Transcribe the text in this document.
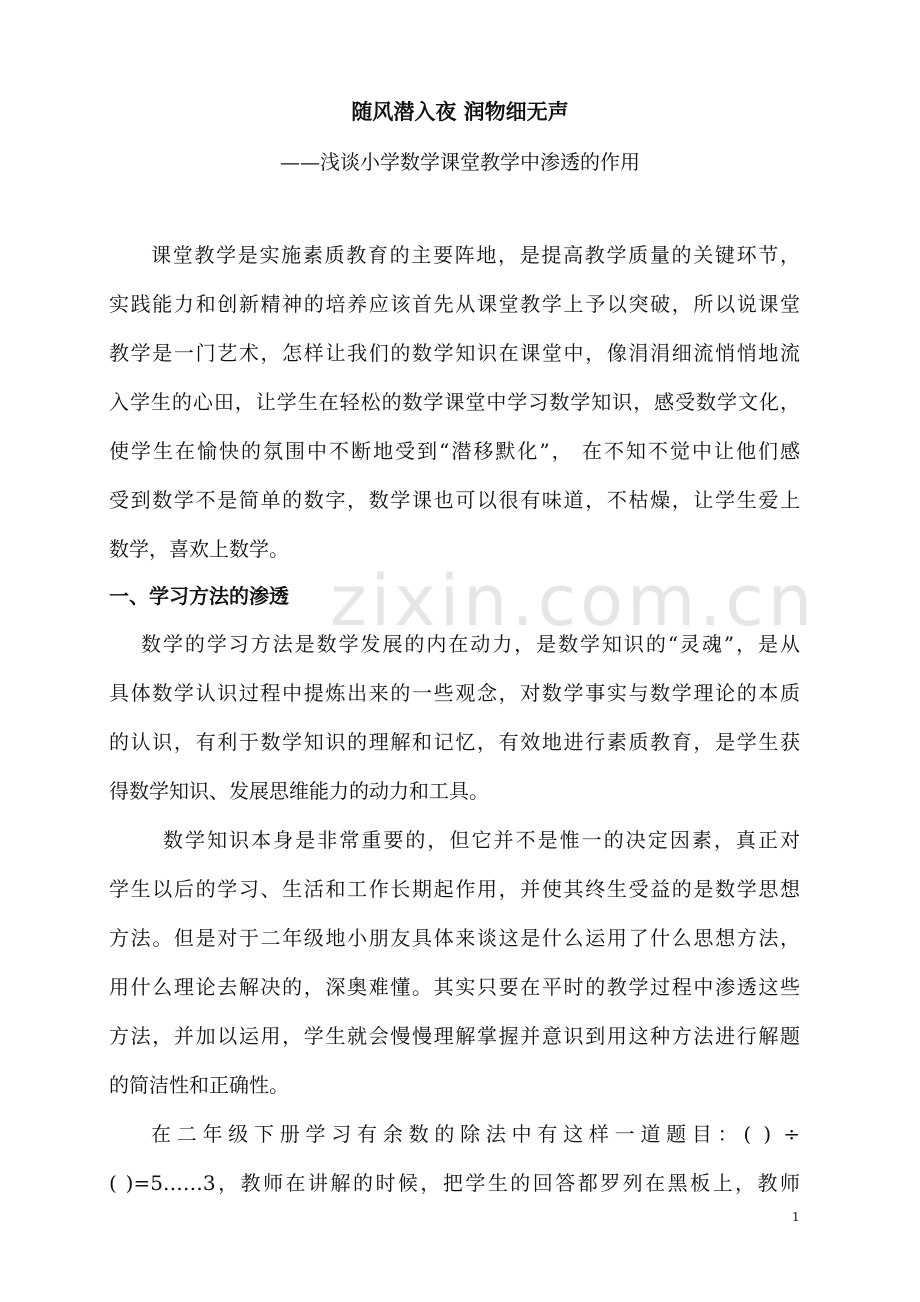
zixin.com.cn
随风潜入夜 润物细无声
——浅谈小学数学课堂教学中渗透的作用
课堂教学是实施素质教育的主要阵地，是提高教学质量的关键环节，
实践能力和创新精神的培养应该首先从课堂教学上予以突破，所以说课堂
教学是一门艺术，怎样让我们的数学知识在课堂中，像涓涓细流悄悄地流
入学生的心田，让学生在轻松的数学课堂中学习数学知识，感受数学文化，
使学生在愉快的氛围中不断地受到“潜移默化”， 在不知不觉中让他们感
受到数学不是简单的数字，数学课也可以很有味道，不枯燥，让学生爱上
数学，喜欢上数学。
一、学习方法的渗透
数学的学习方法是数学发展的内在动力，是数学知识的“灵魂”，是从
具体数学认识过程中提炼出来的一些观念，对数学事实与数学理论的本质
的认识，有利于数学知识的理解和记忆，有效地进行素质教育，是学生获
得数学知识、发展思维能力的动力和工具。
数学知识本身是非常重要的，但它并不是惟一的决定因素，真正对
学生以后的学习、生活和工作长期起作用，并使其终生受益的是数学思想
方法。但是对于二年级地小朋友具体来谈这是什么运用了什么思想方法，
用什么理论去解决的，深奥难懂。其实只要在平时的教学过程中渗透这些
方法，并加以运用，学生就会慢慢理解掌握并意识到用这种方法进行解题
的简洁性和正确性。
在二年级下册学习有余数的除法中有这样一道题目：( ) ÷
( )=5……3，教师在讲解的时候，把学生的回答都罗列在黑板上，教师
1
